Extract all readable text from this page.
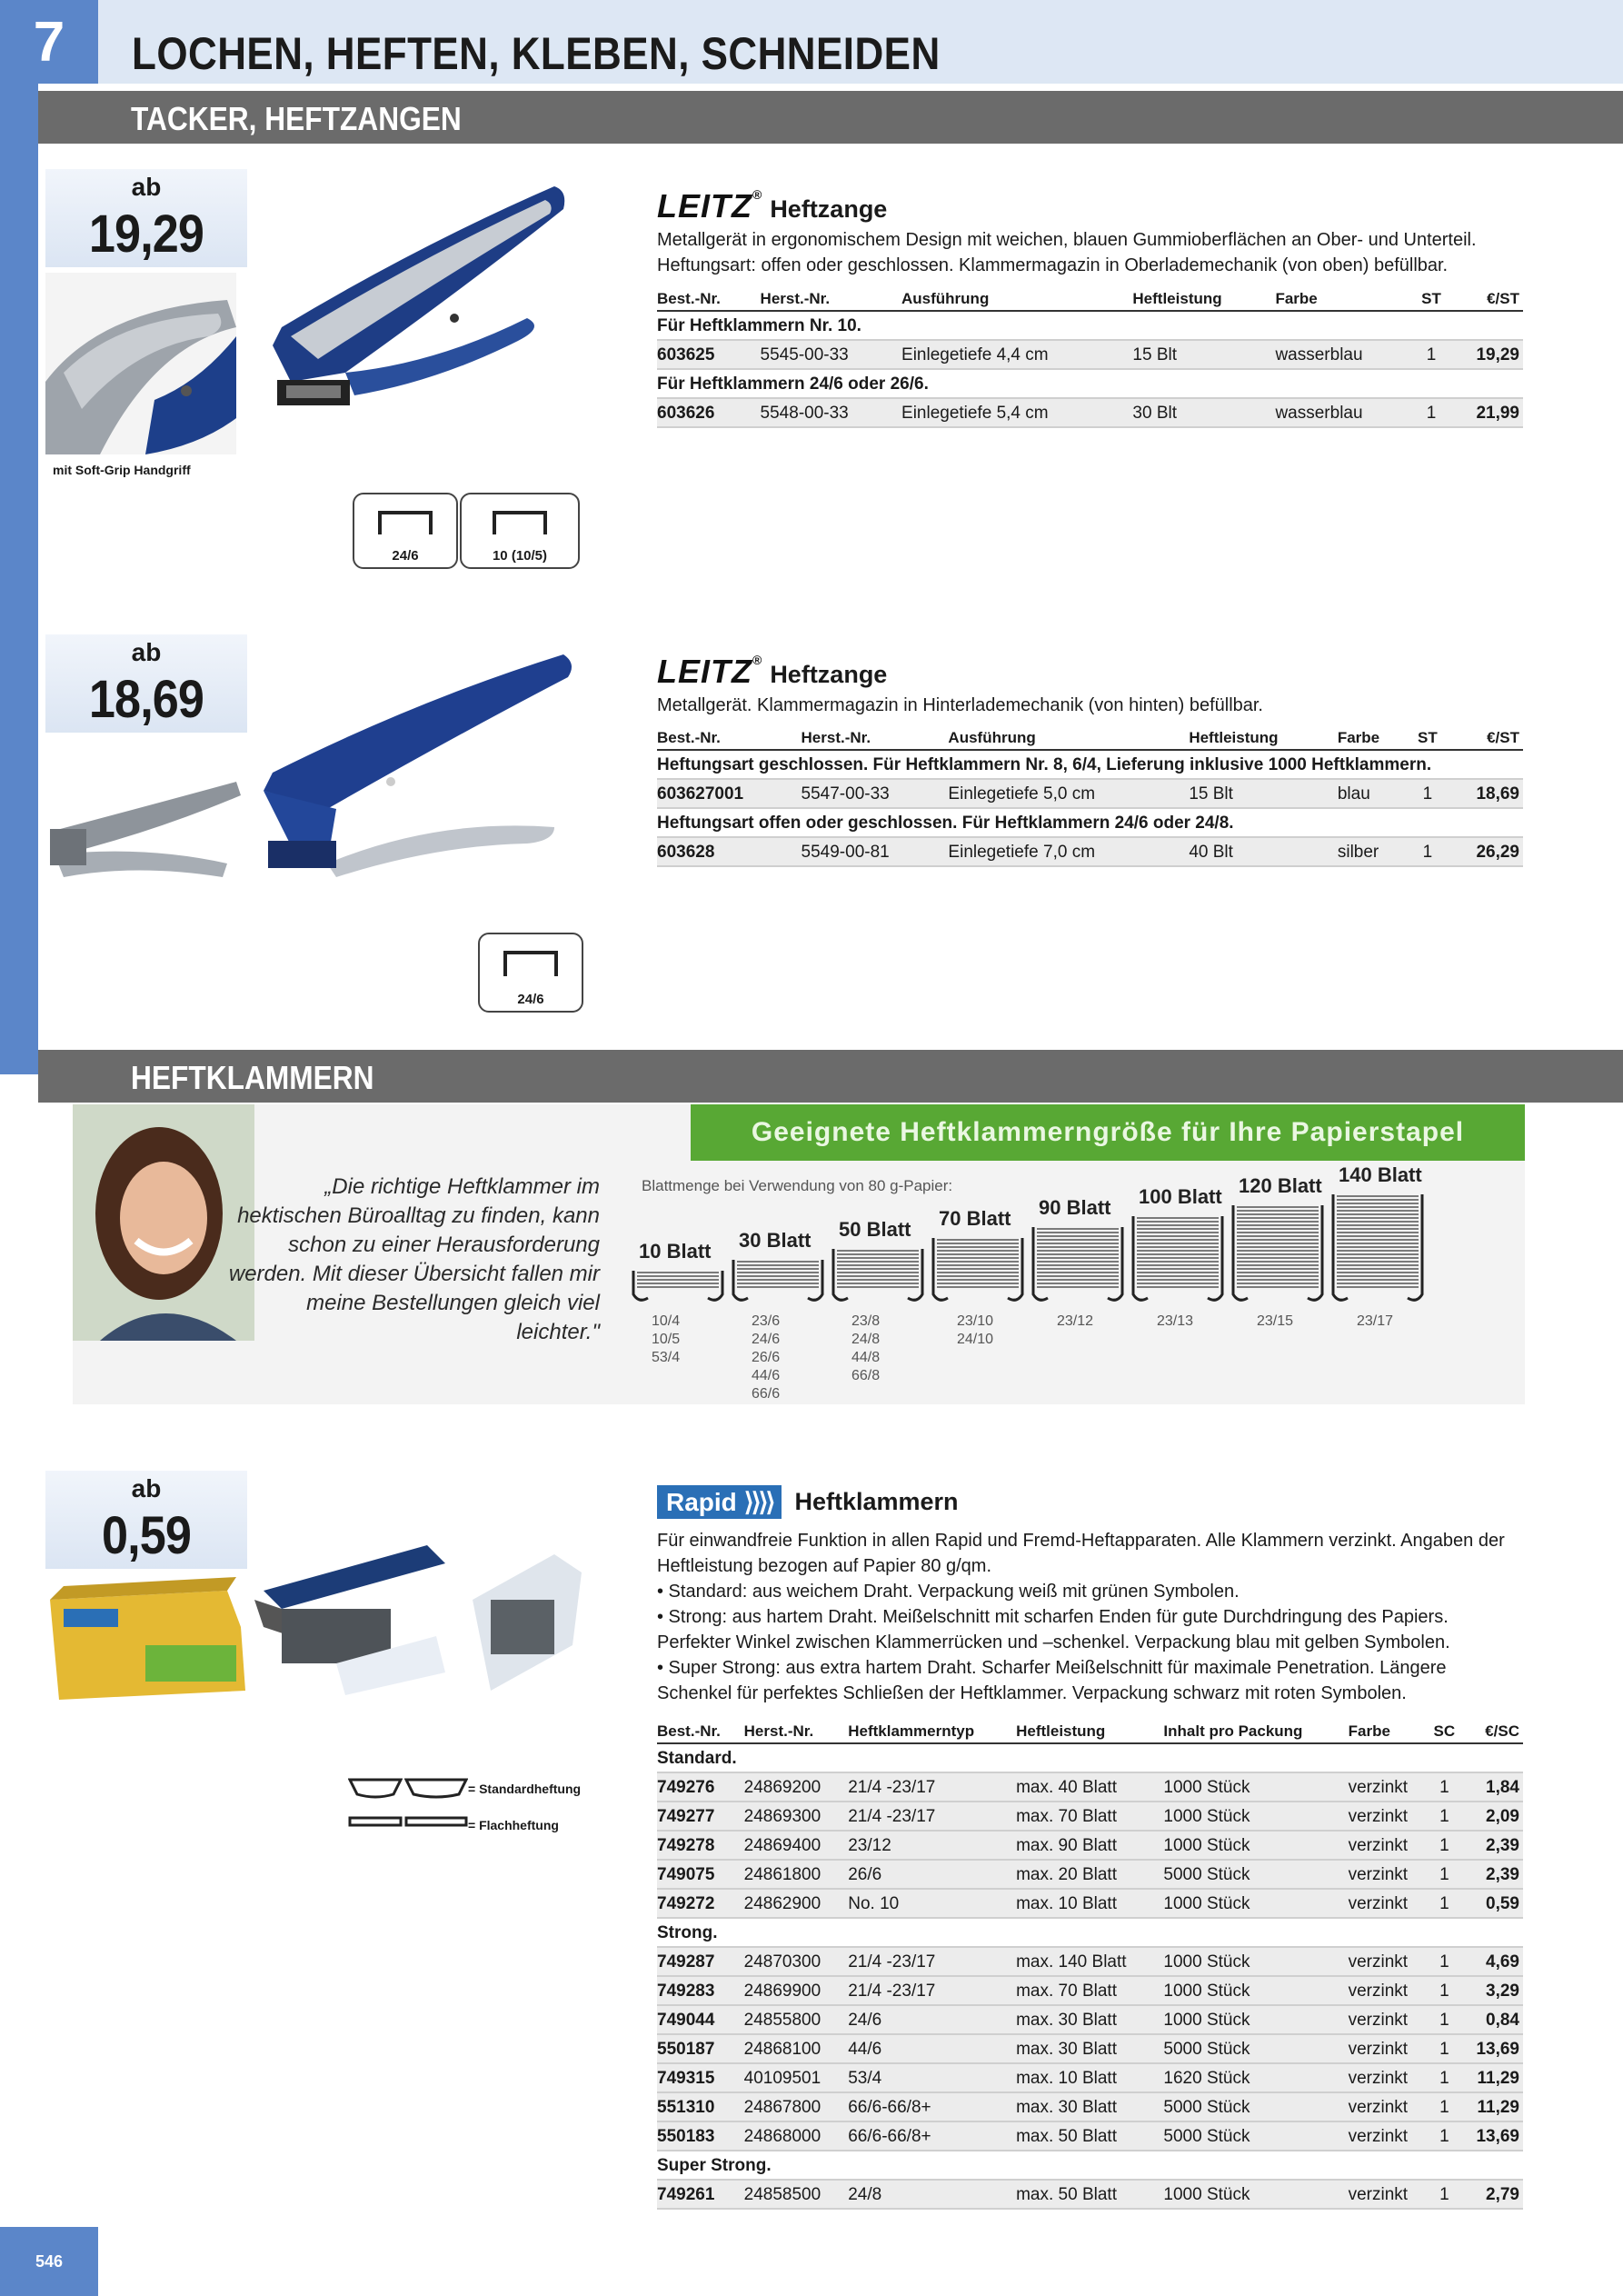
7	LOCHEN, HEFTEN, KLEBEN, SCHNEIDEN
TACKER, HEFTZANGEN
ab
19,29
mit Soft-Grip Handgriff
24/6	10 (10/5)
LEITZ®
Heftzange
Metallgerät in ergonomischem Design mit weichen, blauen Gummioberflächen an Ober- und Unterteil. Heftungsart: offen oder geschlossen. Klammermagazin in Oberlademechanik (von oben) befüllbar.
Best.-Nr.	Herst.-Nr.	Ausführung	Heftleistung	Farbe	ST	€/ST
Für Heftklammern Nr. 10.						
603625	5545-00-33	Einlegetiefe 4,4 cm	15 Blt	wasserblau	1	19,29
Für Heftklammern 24/6 oder 26/6.						
603626	5548-00-33	Einlegetiefe 5,4 cm	30 Blt	wasserblau	1	21,99
ab
18,69
24/6
LEITZ®
Heftzange
Metallgerät. Klammermagazin in Hinterlademechanik (von hinten) befüllbar.
Best.-Nr.	Herst.-Nr.	Ausführung	Heftleistung	Farbe	ST	€/ST
Heftungsart geschlossen. Für Heftklammern Nr. 8, 6/4, Lieferung inklusive 1000 Heftklammern.						
603627001	5547-00-33	Einlegetiefe 5,0 cm	15 Blt	blau	1	18,69
Heftungsart offen oder geschlossen. Für Heftklammern 24/6 oder 24/8.						
603628	5549-00-81	Einlegetiefe 7,0 cm	40 Blt	silber	1	26,29
HEFTKLAMMERN
Geeignete Heftklammerngröße für Ihre Papierstapel
„Die richtige Heftklammer im hektischen Büroalltag zu finden, kann schon zu einer Herausforderung werden. Mit dieser Übersicht fallen mir meine Bestellungen gleich viel leichter."
Blattmenge bei Verwendung von 80 g-Papier:
10 Blatt
10/4
10/5
53/4
30 Blatt
23/6
24/6
26/6
44/6
66/6
50 Blatt
23/8
24/8
44/8
66/8
70 Blatt
23/10
24/10
90 Blatt
23/12
100 Blatt
23/13
120 Blatt
23/15
140 Blatt
23/17
ab
0,59
= Standardheftung
= Flachheftung
Rapid ⟩⟩⟩⟩ Heftklammern
Für einwandfreie Funktion in allen Rapid und Fremd-Heftapparaten. Alle Klammern verzinkt. Angaben der Heftleistung bezogen auf Papier 80 g/qm.
• Standard: aus weichem Draht. Verpackung weiß mit grünen Symbolen.
• Strong: aus hartem Draht. Meißelschnitt mit scharfen Enden für gute Durchdringung des Papiers. Perfekter Winkel zwischen Klammerrücken und –schenkel. Verpackung blau mit gelben Symbolen.
• Super Strong: aus extra hartem Draht. Scharfer Meißelschnitt für maximale Penetration. Längere Schenkel für perfektes Schließen der Heftklammer. Verpackung schwarz mit roten Symbolen.
Best.-Nr.	Herst.-Nr.	Heftklammerntyp	Heftleistung	Inhalt pro Packung	Farbe	SC	€/SC
Standard.							
749276	24869200	21/4 -23/17	max. 40 Blatt	1000 Stück	verzinkt	1	1,84
749277	24869300	21/4 -23/17	max. 70 Blatt	1000 Stück	verzinkt	1	2,09
749278	24869400	23/12	max. 90 Blatt	1000 Stück	verzinkt	1	2,39
749075	24861800	26/6	max. 20 Blatt	5000 Stück	verzinkt	1	2,39
749272	24862900	No. 10	max. 10 Blatt	1000 Stück	verzinkt	1	0,59
Strong.							
749287	24870300	21/4 -23/17	max. 140 Blatt	1000 Stück	verzinkt	1	4,69
749283	24869900	21/4 -23/17	max. 70 Blatt	1000 Stück	verzinkt	1	3,29
749044	24855800	24/6	max. 30 Blatt	1000 Stück	verzinkt	1	0,84
550187	24868100	44/6	max. 30 Blatt	5000 Stück	verzinkt	1	13,69
749315	40109501	53/4	max. 10 Blatt	1620 Stück	verzinkt	1	11,29
551310	24867800	66/6-66/8+	max. 30 Blatt	5000 Stück	verzinkt	1	11,29
550183	24868000	66/6-66/8+	max. 50 Blatt	5000 Stück	verzinkt	1	13,69
Super Strong.							
749261	24858500	24/8	max. 50 Blatt	1000 Stück	verzinkt	1	2,79
546
